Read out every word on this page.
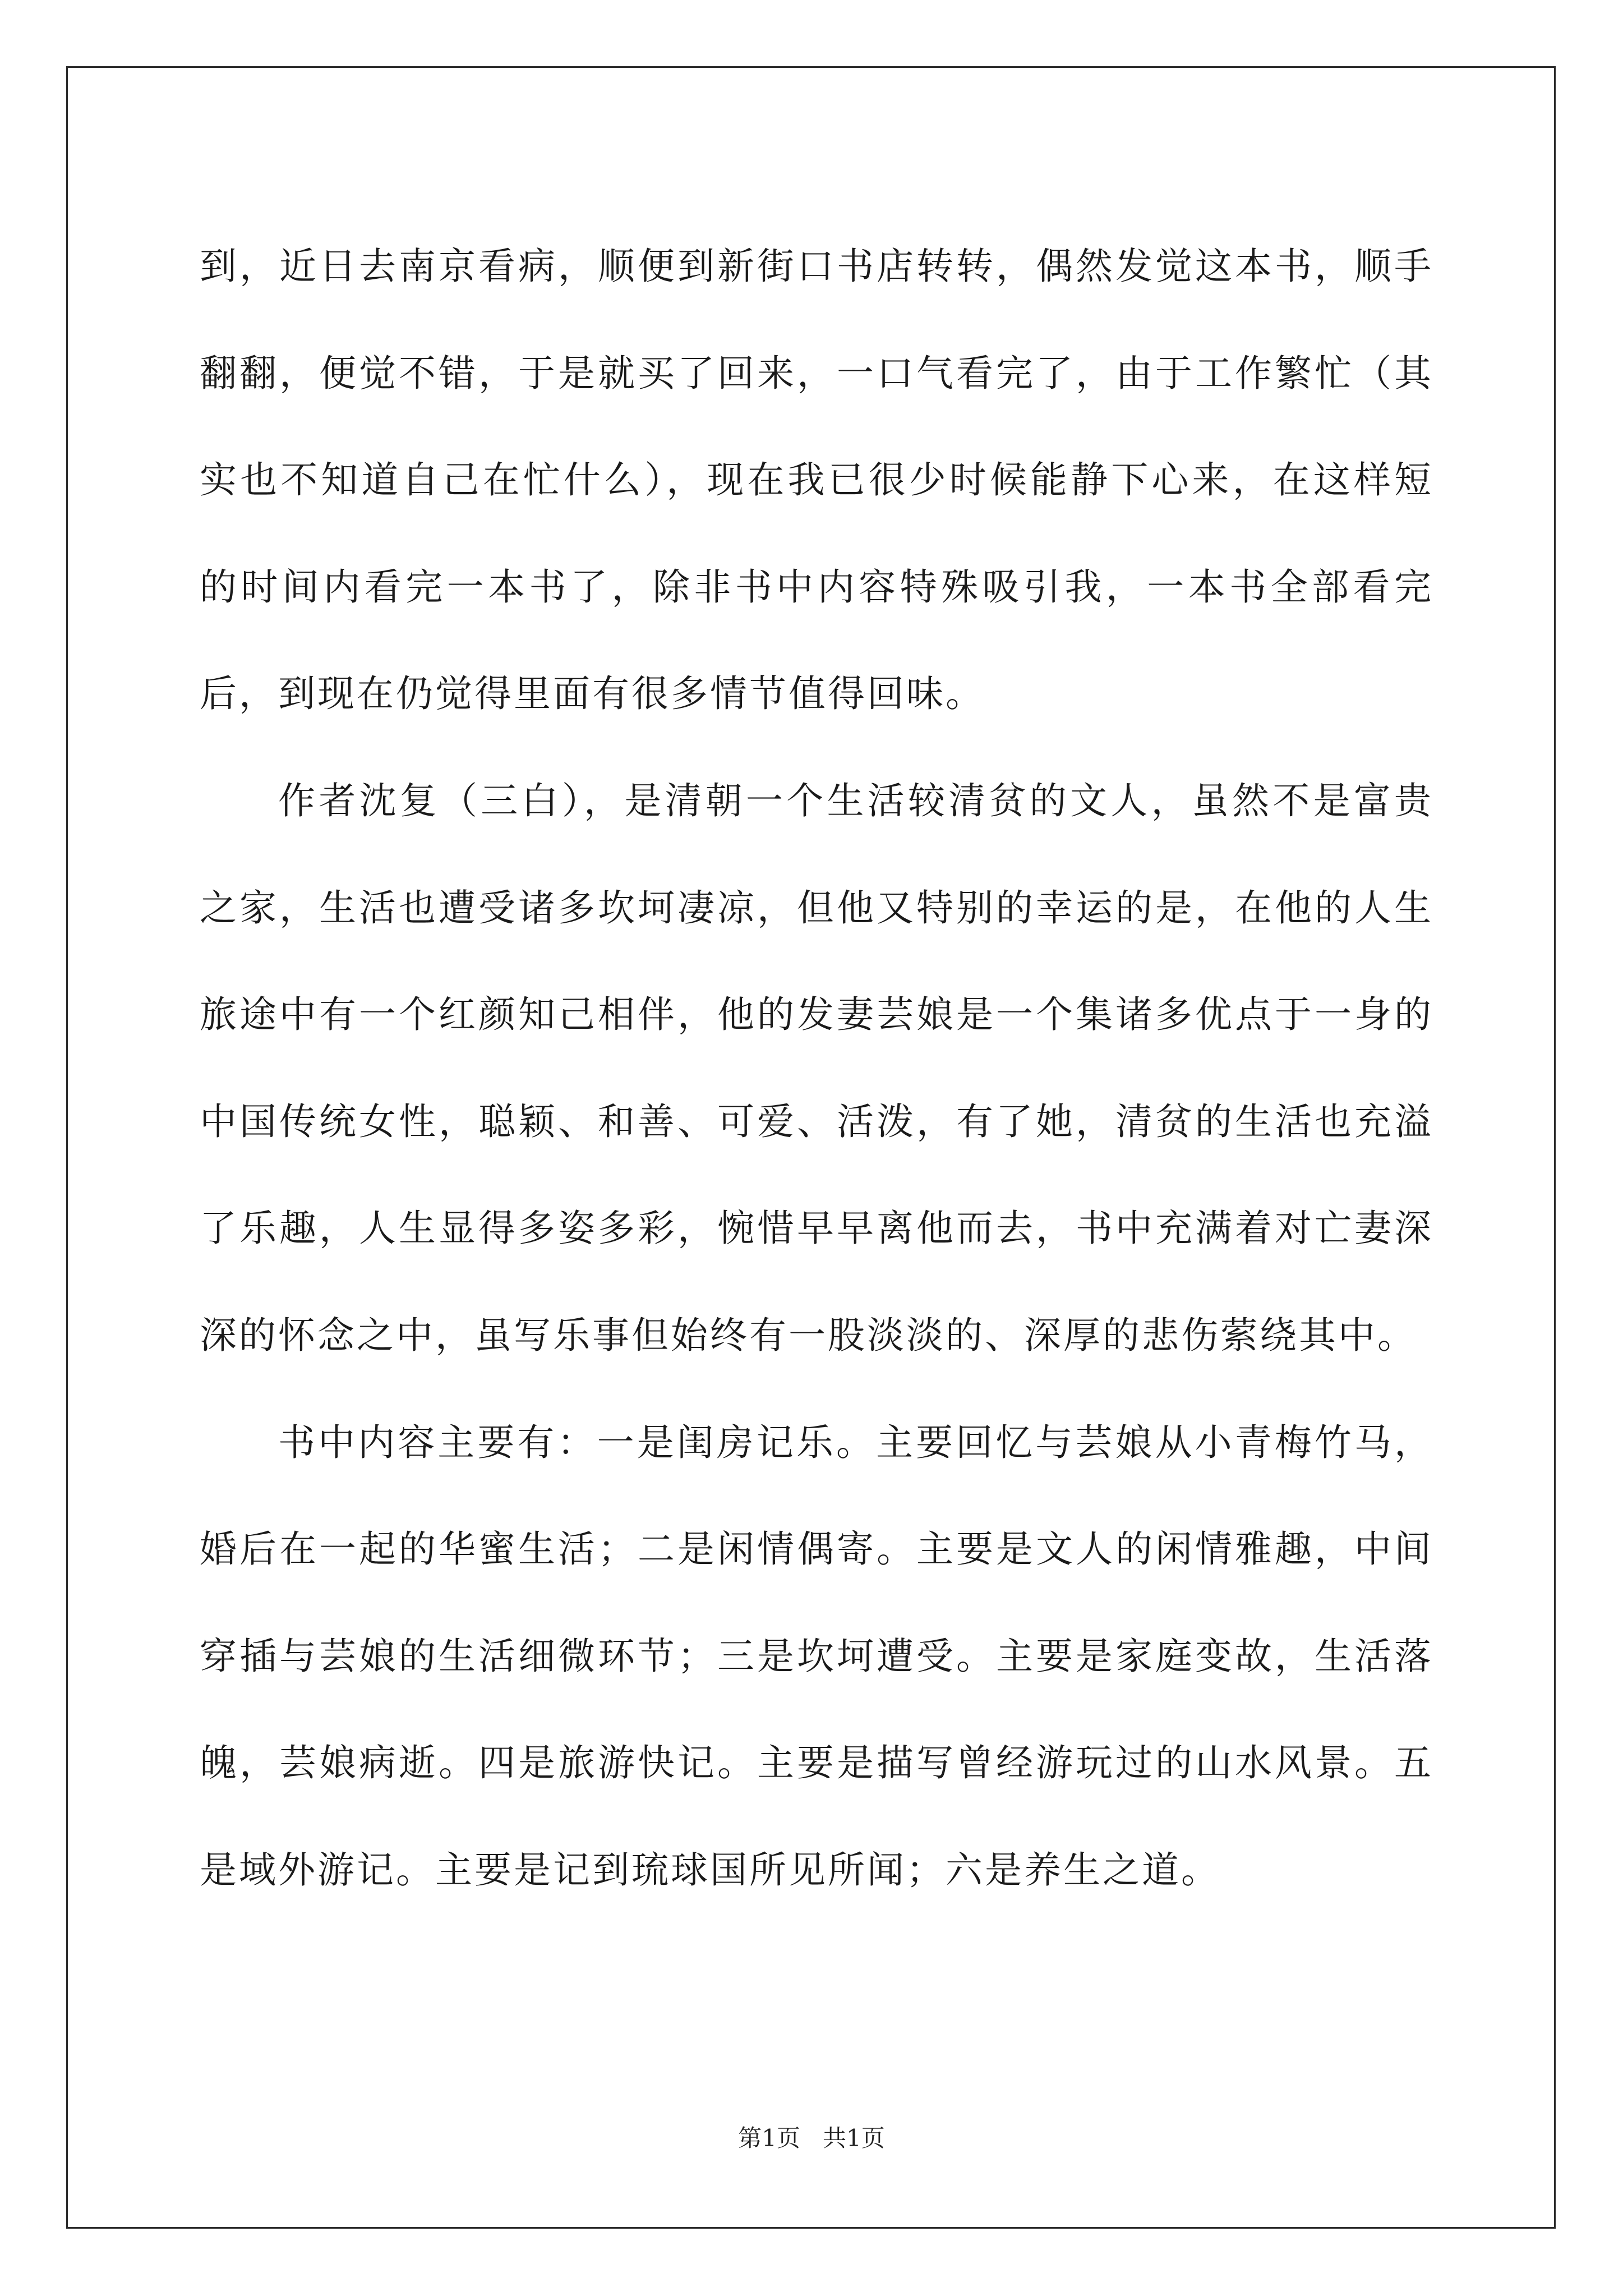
到，近日去南京看病，顺便到新街口书店转转，偶然发觉这本书，顺手翻翻，便觉不错，于是就买了回来，一口气看完了，由于工作繁忙（其实也不知道自己在忙什么），现在我已很少时候能静下心来，在这样短的时间内看完一本书了，除非书中内容特殊吸引我，一本书全部看完后，到现在仍觉得里面有很多情节值得回味。

作者沈复（三白），是清朝一个生活较清贫的文人，虽然不是富贵之家，生活也遭受诸多坎坷凄凉，但他又特别的幸运的是，在他的人生旅途中有一个红颜知己相伴，他的发妻芸娘是一个集诸多优点于一身的中国传统女性，聪颖、和善、可爱、活泼，有了她，清贫的生活也充溢了乐趣，人生显得多姿多彩，惋惜早早离他而去，书中充满着对亡妻深深的怀念之中，虽写乐事但始终有一股淡淡的、深厚的悲伤萦绕其中。

书中内容主要有：一是闺房记乐。主要回忆与芸娘从小青梅竹马，婚后在一起的华蜜生活；二是闲情偶寄。主要是文人的闲情雅趣，中间穿插与芸娘的生活细微环节；三是坎坷遭受。主要是家庭变故，生活落魄，芸娘病逝。四是旅游快记。主要是描写曾经游玩过的山水风景。五是域外游记。主要是记到琉球国所见所闻；六是养生之道。

第1页 共1页
